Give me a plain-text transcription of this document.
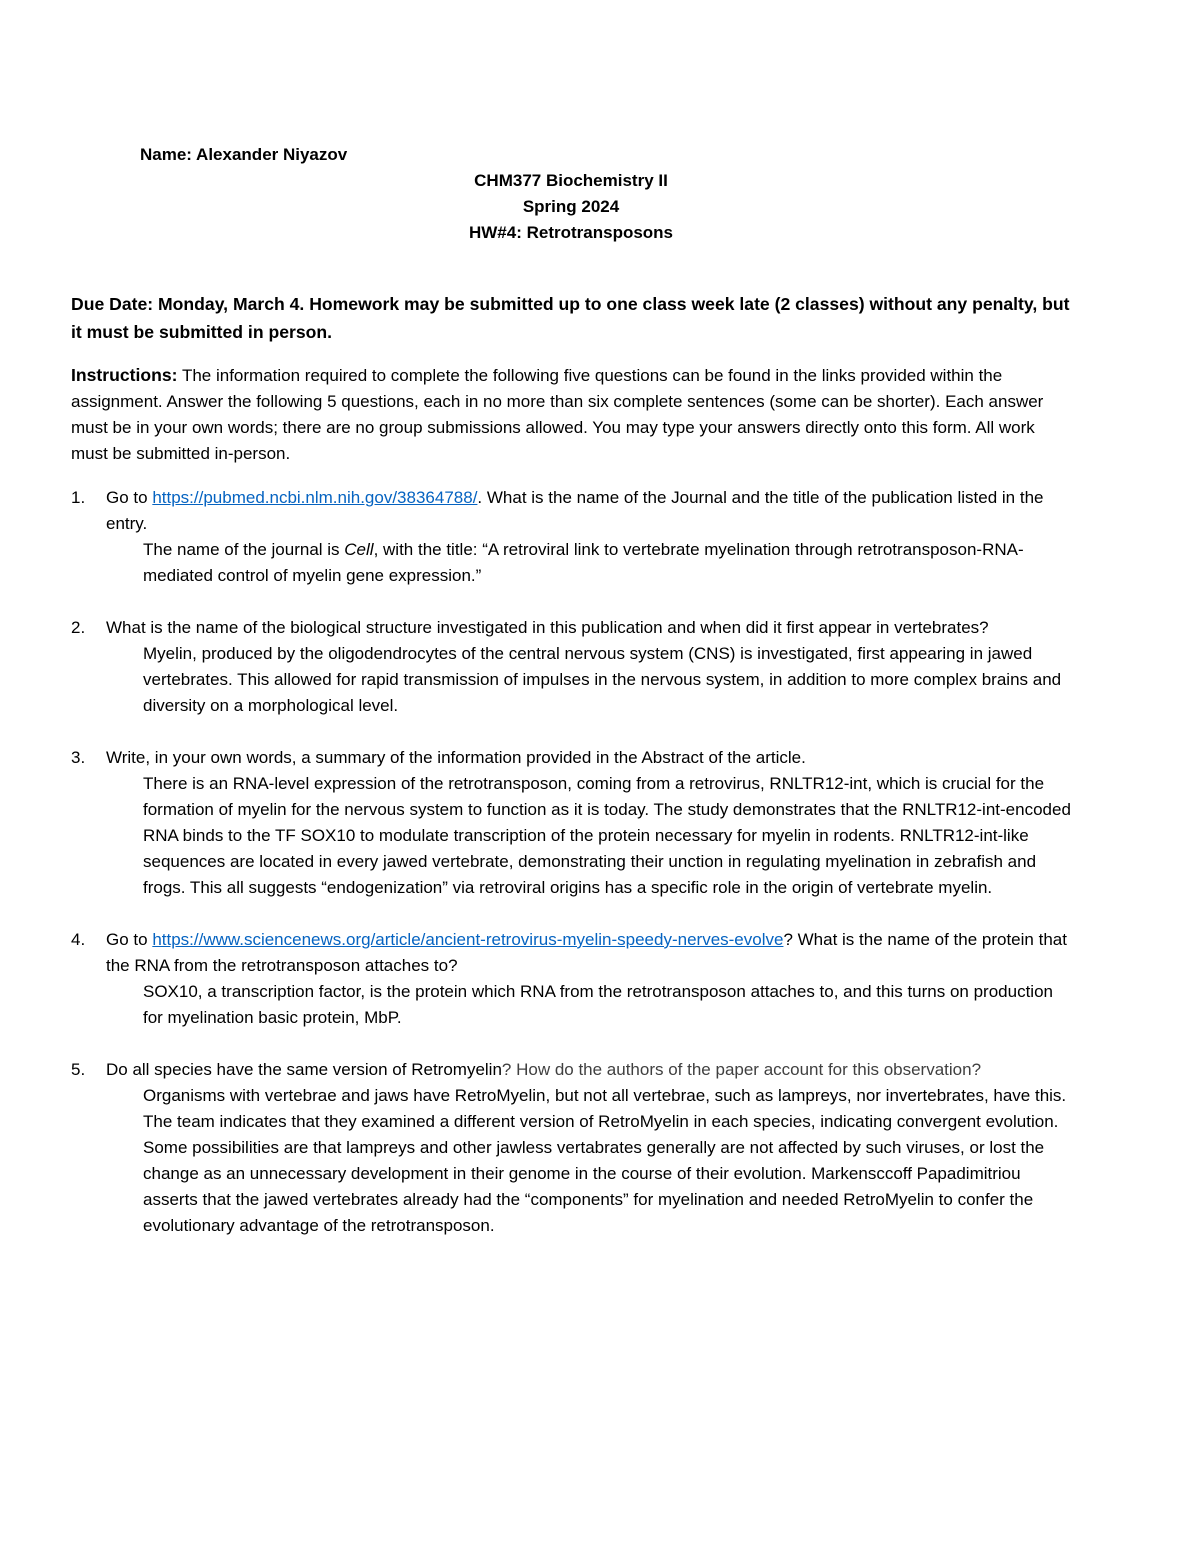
Name: Alexander Niyazov

CHM377 Biochemistry II

Spring 2024

HW#4: Retrotransposons

Due Date: Monday, March 4. Homework may be submitted up to one class week late (2 classes) without any penalty, but it must be submitted in person.

Instructions: The information required to complete the following five questions can be found in the links provided within the assignment. Answer the following 5 questions, each in no more than six complete sentences (some can be shorter). Each answer must be in your own words; there are no group submissions allowed. You may type your answers directly onto this form. All work must be submitted in-person.

1. Go to https://pubmed.ncbi.nlm.nih.gov/38364788/. What is the name of the Journal and the title of the publication listed in the entry.

The name of the journal is Cell, with the title: “A retroviral link to vertebrate myelination through retrotransposon-RNA-mediated control of myelin gene expression.”

2. What is the name of the biological structure investigated in this publication and when did it first appear in vertebrates?

Myelin, produced by the oligodendrocytes of the central nervous system (CNS) is investigated, first appearing in jawed vertebrates. This allowed for rapid transmission of impulses in the nervous system, in addition to more complex brains and diversity on a morphological level.

3. Write, in your own words, a summary of the information provided in the Abstract of the article.

There is an RNA-level expression of the retrotransposon, coming from a retrovirus, RNLTR12-int, which is crucial for the formation of myelin for the nervous system to function as it is today. The study demonstrates that the RNLTR12-int-encoded RNA binds to the TF SOX10 to modulate transcription of the protein necessary for myelin in rodents. RNLTR12-int-like sequences are located in every jawed vertebrate, demonstrating their unction in regulating myelination in zebrafish and frogs. This all suggests “endogenization” via retroviral origins has a specific role in the origin of vertebrate myelin.

4. Go to https://www.sciencenews.org/article/ancient-retrovirus-myelin-speedy-nerves-evolve? What is the name of the protein that the RNA from the retrotransposon attaches to?

SOX10, a transcription factor, is the protein which RNA from the retrotransposon attaches to, and this turns on production for myelination basic protein, MbP.

5. Do all species have the same version of Retromyelin? How do the authors of the paper account for this observation?

Organisms with vertebrae and jaws have RetroMyelin, but not all vertebrae, such as lampreys, nor invertebrates, have this. The team indicates that they examined a different version of RetroMyelin in each species, indicating convergent evolution. Some possibilities are that lampreys and other jawless vertabrates generally are not affected by such viruses, or lost the change as an unnecessary development in their genome in the course of their evolution. Markensccoff Papadimitriou asserts that the jawed vertebrates already had the “components” for myelination and needed RetroMyelin to confer the evolutionary advantage of the retrotransposon.
